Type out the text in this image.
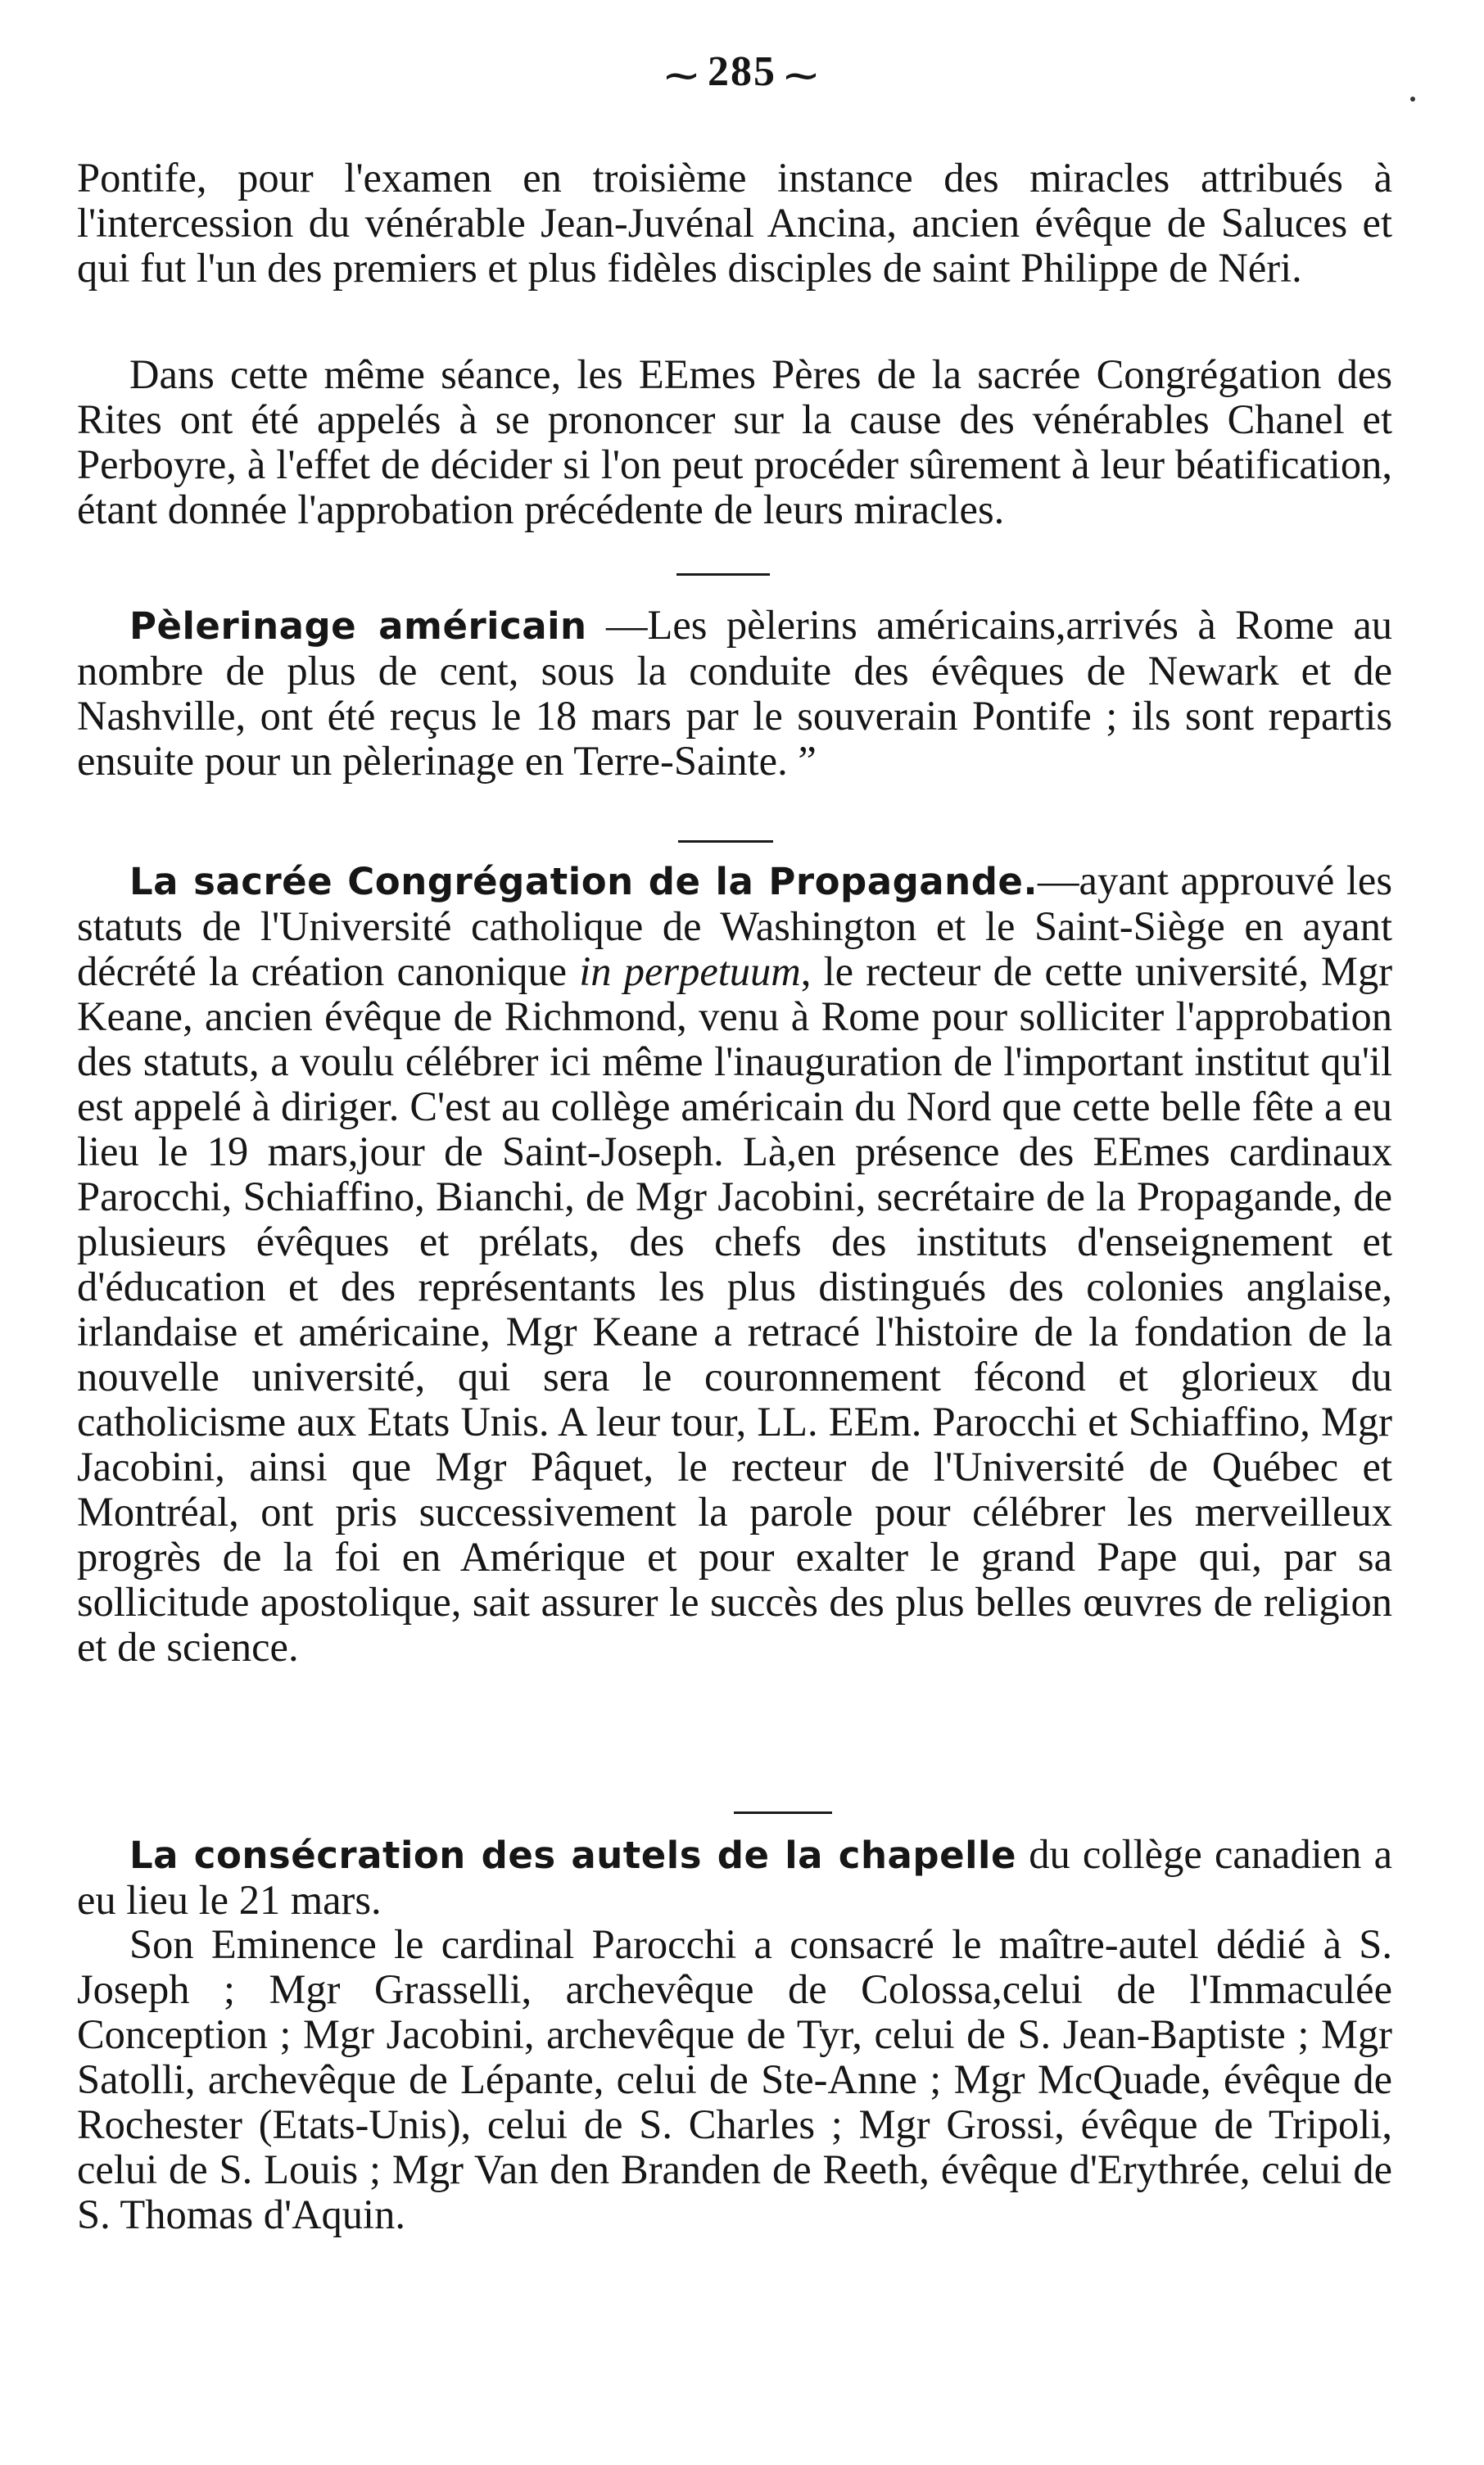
⁓ 285 ⁓

Pontife, pour l'examen en troisième instance des miracles attribués à l'intercession du vénérable Jean-Juvénal Ancina, ancien évêque de Saluces et qui fut l'un des premiers et plus fidèles disciples de saint Philippe de Néri.

Dans cette même séance, les EEmes Pères de la sacrée Congrégation des Rites ont été appelés à se prononcer sur la cause des vénérables Chanel et Perboyre, à l'effet de décider si l'on peut procéder sûrement à leur béatification, étant donnée l'approbation précédente de leurs miracles.

Pèlerinage américain —Les pèlerins américains,arrivés à Rome au nombre de plus de cent, sous la conduite des évêques de Newark et de Nashville, ont été reçus le 18 mars par le souverain Pontife ; ils sont repartis ensuite pour un pèlerinage en Terre-Sainte. ”

La sacrée Congrégation de la Propagande.—ayant approuvé les statuts de l'Université catholique de Washington et le Saint-Siège en ayant décrété la création canonique in perpetuum, le recteur de cette université, Mgr Keane, ancien évêque de Richmond, venu à Rome pour solliciter l'approbation des statuts, a voulu célébrer ici même l'inauguration de l'important institut qu'il est appelé à diriger. C'est au collège américain du Nord que cette belle fête a eu lieu le 19 mars,jour de Saint-Joseph. Là,en présence des EEmes cardinaux Parocchi, Schiaffino, Bianchi, de Mgr Jacobini, secrétaire de la Propagande, de plusieurs évêques et prélats, des chefs des instituts d'enseignement et d'éducation et des représentants les plus distingués des colonies anglaise, irlandaise et américaine, Mgr Keane a retracé l'histoire de la fondation de la nouvelle université, qui sera le couronnement fécond et glorieux du catholicisme aux Etats Unis. A leur tour, LL. EEm. Parocchi et Schiaffino, Mgr Jacobini, ainsi que Mgr Pâquet, le recteur de l'Université de Québec et Montréal, ont pris successivement la parole pour célébrer les merveilleux progrès de la foi en Amérique et pour exalter le grand Pape qui, par sa sollicitude apostolique, sait assurer le succès des plus belles œuvres de religion et de science.

La consécration des autels de la chapelle du collège canadien a eu lieu le 21 mars.

Son Eminence le cardinal Parocchi a consacré le maître-autel dédié à S. Joseph ; Mgr Grasselli, archevêque de Colossa,celui de l'Immaculée Conception ; Mgr Jacobini, archevêque de Tyr, celui de S. Jean-Baptiste ; Mgr Satolli, archevêque de Lépante, celui de Ste-Anne ; Mgr McQuade, évêque de Rochester (Etats-Unis), celui de S. Charles ; Mgr Grossi, évêque de Tripoli, celui de S. Louis ; Mgr Van den Branden de Reeth, évêque d'Erythrée, celui de S. Thomas d'Aquin.
